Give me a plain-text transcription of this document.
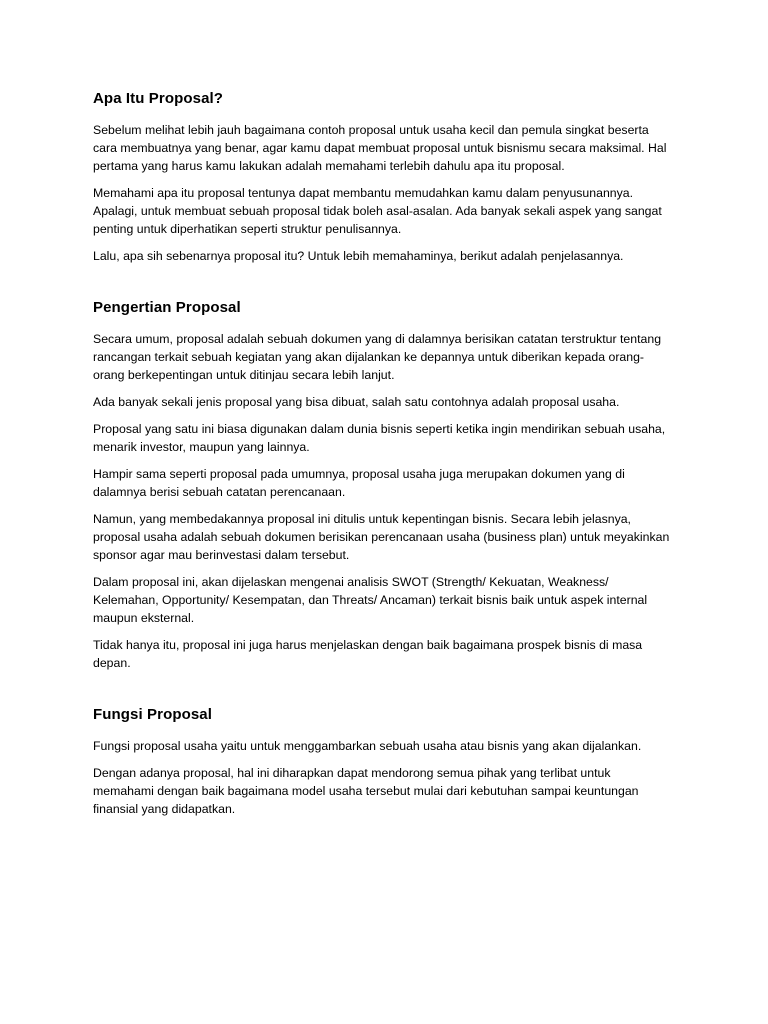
Apa Itu Proposal?

Sebelum melihat lebih jauh bagaimana contoh proposal untuk usaha kecil dan pemula singkat beserta cara membuatnya yang benar, agar kamu dapat membuat proposal untuk bisnismu secara maksimal. Hal pertama yang harus kamu lakukan adalah memahami terlebih dahulu apa itu proposal.

Memahami apa itu proposal tentunya dapat membantu memudahkan kamu dalam penyusunannya. Apalagi, untuk membuat sebuah proposal tidak boleh asal-asalan. Ada banyak sekali aspek yang sangat penting untuk diperhatikan seperti struktur penulisannya.

Lalu, apa sih sebenarnya proposal itu? Untuk lebih memahaminya, berikut adalah penjelasannya.

Pengertian Proposal

Secara umum, proposal adalah sebuah dokumen yang di dalamnya berisikan catatan terstruktur tentang rancangan terkait sebuah kegiatan yang akan dijalankan ke depannya untuk diberikan kepada orang-orang berkepentingan untuk ditinjau secara lebih lanjut.

Ada banyak sekali jenis proposal yang bisa dibuat, salah satu contohnya adalah proposal usaha.

Proposal yang satu ini biasa digunakan dalam dunia bisnis seperti ketika ingin mendirikan sebuah usaha, menarik investor, maupun yang lainnya.

Hampir sama seperti proposal pada umumnya, proposal usaha juga merupakan dokumen yang di dalamnya berisi sebuah catatan perencanaan.

Namun, yang membedakannya proposal ini ditulis untuk kepentingan bisnis. Secara lebih jelasnya, proposal usaha adalah sebuah dokumen berisikan perencanaan usaha (business plan) untuk meyakinkan sponsor agar mau berinvestasi dalam tersebut.

Dalam proposal ini, akan dijelaskan mengenai analisis SWOT (Strength/ Kekuatan, Weakness/ Kelemahan, Opportunity/ Kesempatan, dan Threats/ Ancaman) terkait bisnis baik untuk aspek internal maupun eksternal.

Tidak hanya itu, proposal ini juga harus menjelaskan dengan baik bagaimana prospek bisnis di masa depan.

Fungsi Proposal

Fungsi proposal usaha yaitu untuk menggambarkan sebuah usaha atau bisnis yang akan dijalankan.

Dengan adanya proposal, hal ini diharapkan dapat mendorong semua pihak yang terlibat untuk memahami dengan baik bagaimana model usaha tersebut mulai dari kebutuhan sampai keuntungan finansial yang didapatkan.
